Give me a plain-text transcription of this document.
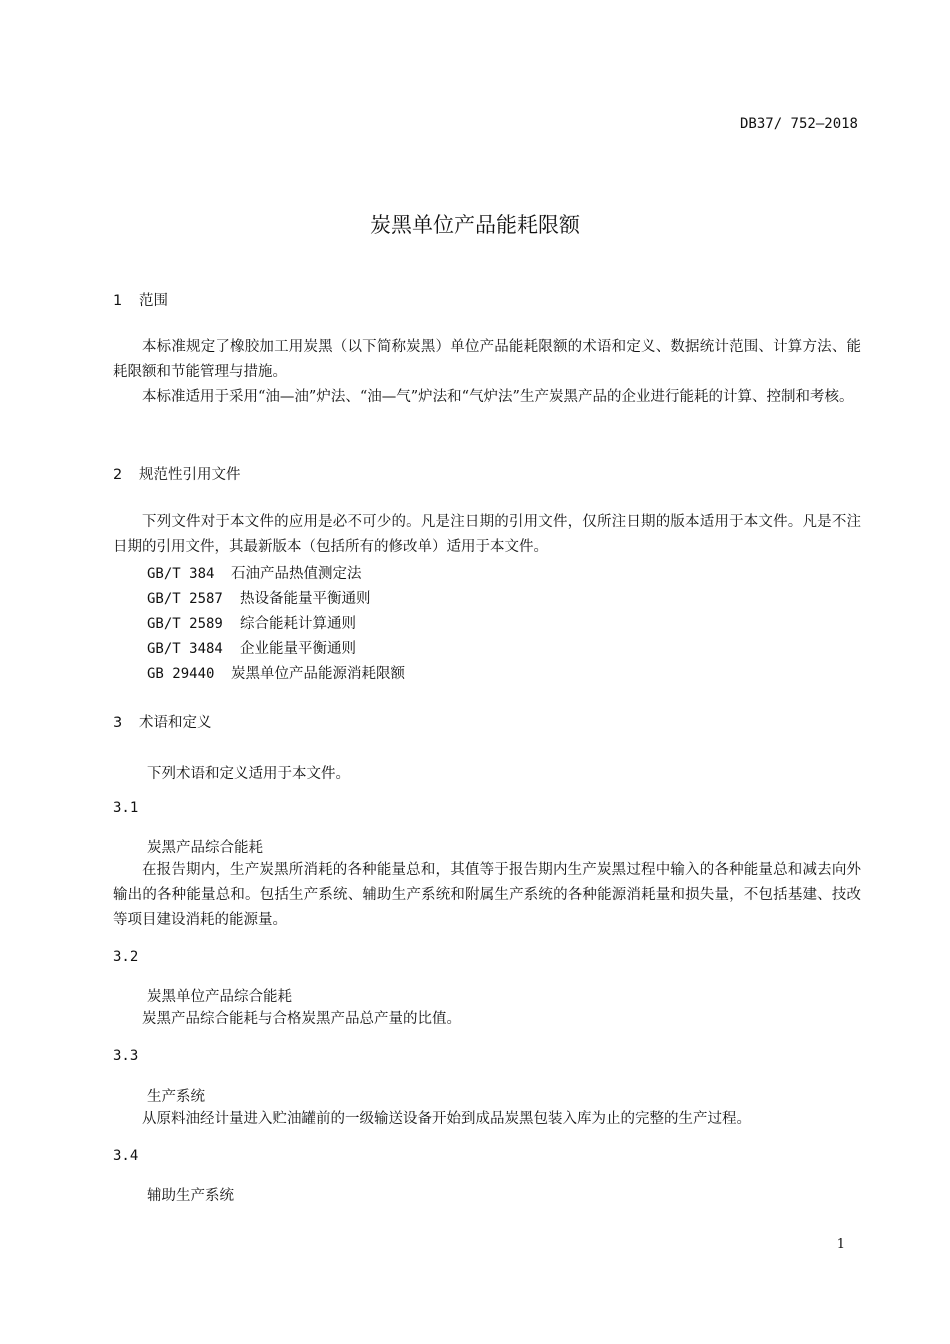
DB37/ 752—2018
炭黑单位产品能耗限额
1 范围

本标准规定了橡胶加工用炭黑（以下简称炭黑）单位产品能耗限额的术语和定义、数据统计范围、计算方法、能耗限额和节能管理与措施。

本标准适用于采用“油—油”炉法、“油—气”炉法和“气炉法”生产炭黑产品的企业进行能耗的计算、控制和考核。

2 规范性引用文件

下列文件对于本文件的应用是必不可少的。凡是注日期的引用文件，仅所注日期的版本适用于本文件。凡是不注日期的引用文件，其最新版本（包括所有的修改单）适用于本文件。

GB/T 384 石油产品热值测定法
GB/T 2587 热设备能量平衡通则
GB/T 2589 综合能耗计算通则
GB/T 3484 企业能量平衡通则
GB 29440 炭黑单位产品能源消耗限额
3 术语和定义
下列术语和定义适用于本文件。
3.1
炭黑产品综合能耗

在报告期内，生产炭黑所消耗的各种能量总和，其值等于报告期内生产炭黑过程中输入的各种能量总和减去向外输出的各种能量总和。包括生产系统、辅助生产系统和附属生产系统的各种能源消耗量和损失量，不包括基建、技改等项目建设消耗的能源量。

3.2
炭黑单位产品综合能耗

炭黑产品综合能耗与合格炭黑产品总产量的比值。

3.3
生产系统

从原料油经计量进入贮油罐前的一级输送设备开始到成品炭黑包装入库为止的完整的生产过程。

3.4
辅助生产系统
1
